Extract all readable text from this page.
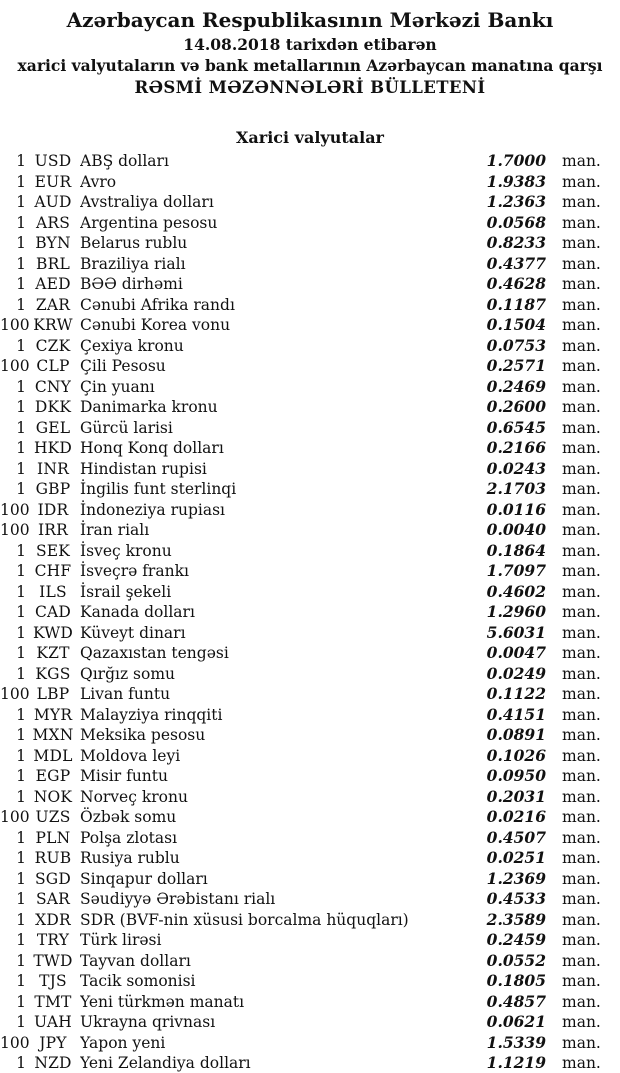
Azərbaycan Respublikasının Mərkəzi Bankı
14.08.2018 tarixdən etibarən
xarici valyutaların və bank metallarının Azərbaycan manatına qarşı
RƏSMİ MƏZƏNNƏLƏRİ BÜLLETENİ
Xarici valyutalar
1 USD ABŞ dolları	1.7000 man.
1 EUR Avro	1.9383 man.
1 AUD Avstraliya dolları	1.2363 man.
1 ARS Argentina pesosu	0.0568 man.
1 BYN Belarus rublu	0.8233 man.
1 BRL Braziliya rialı	0.4377 man.
1 AED BƏƏ dirhəmi	0.4628 man.
1 ZAR Cənubi Afrika randı	0.1187 man.
100 KRW Cənubi Korea vonu	0.1504 man.
1 CZK Çexiya kronu	0.0753 man.
100 CLP Çili Pesosu	0.2571 man.
1 CNY Çin yuanı	0.2469 man.
1 DKK Danimarka kronu	0.2600 man.
1 GEL Gürcü larisi	0.6545 man.
1 HKD Honq Konq dolları	0.2166 man.
1 INR Hindistan rupisi	0.0243 man.
1 GBP İngilis funt sterlinqi	2.1703 man.
100 IDR İndoneziya rupiası	0.0116 man.
100 IRR İran rialı	0.0040 man.
1 SEK İsveç kronu	0.1864 man.
1 CHF İsveçrə frankı	1.7097 man.
1 ILS İsrail şekeli	0.4602 man.
1 CAD Kanada dolları	1.2960 man.
1 KWD Küveyt dinarı	5.6031 man.
1 KZT Qazaxıstan tengəsi	0.0047 man.
1 KGS Qırğız somu	0.0249 man.
100 LBP Livan funtu	0.1122 man.
1 MYR Malayziya rinqqiti	0.4151 man.
1 MXN Meksika pesosu	0.0891 man.
1 MDL Moldova leyi	0.1026 man.
1 EGP Misir funtu	0.0950 man.
1 NOK Norveç kronu	0.2031 man.
100 UZS Özbək somu	0.0216 man.
1 PLN Polşa zlotası	0.4507 man.
1 RUB Rusiya rublu	0.0251 man.
1 SGD Sinqapur dolları	1.2369 man.
1 SAR Səudiyyə Ərəbistanı rialı	0.4533 man.
1 XDR SDR (BVF-nin xüsusi borcalma hüquqları)	2.3589 man.
1 TRY Türk lirəsi	0.2459 man.
1 TWD Tayvan dolları	0.0552 man.
1 TJS Tacik somonisi	0.1805 man.
1 TMT Yeni türkmən manatı	0.4857 man.
1 UAH Ukrayna qrivnası	0.0621 man.
100 JPY Yapon yeni	1.5339 man.
1 NZD Yeni Zelandiya dolları	1.1219 man.
